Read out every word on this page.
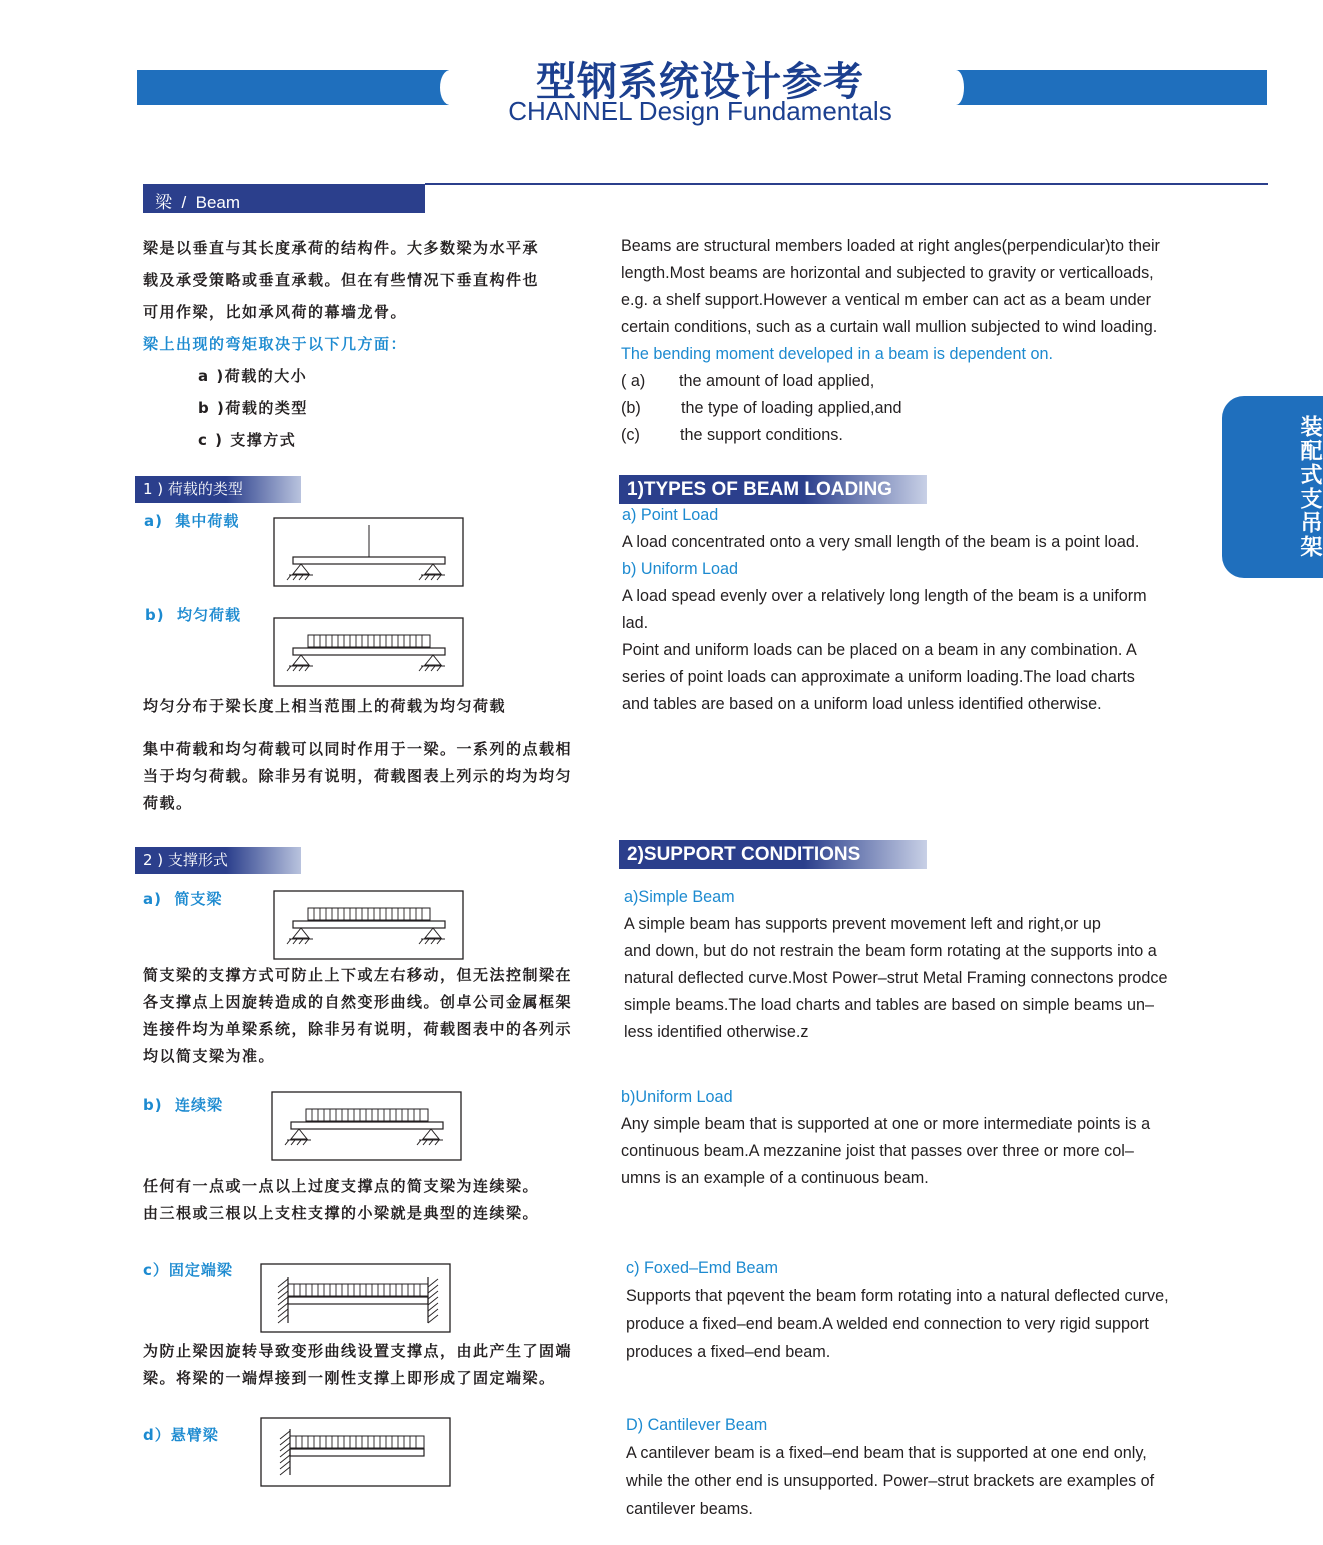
型钢系统设计参考
CHANNEL Design Fundamentals
梁  /  Beam
装配式支吊架
梁是以垂直与其长度承荷的结构件。大多数梁为水平承
载及承受策略或垂直承载。但在有些情况下垂直构件也
可用作梁，比如承风荷的幕墙龙骨。
梁上出现的弯矩取决于以下几方面：
a )荷载的大小
b )荷载的类型
c ) 支撑方式
Beams are structural members loaded at right angles(perpendicular)to their
length.Most beams are horizontal and subjected to gravity or verticalloads,
e.g. a shelf support.However a ventical m ember can act as a beam under
certain conditions, such as a curtain wall mullion subjected to wind loading.
The bending moment developed in a beam is dependent on.
( a) the amount of load applied,
(b) the type of loading applied,and
(c) the support conditions.
1 ) 荷载的类型	1)TYPES OF BEAM LOADING
a)  集中荷载
b)  均匀荷载
均匀分布于梁长度上相当范围上的荷载为均匀荷载
集中荷载和均匀荷载可以同时作用于一梁。一系列的点载相
当于均匀荷载。除非另有说明，荷载图表上列示的均为均匀
荷载。
a) Point Load
A load concentrated onto a very small length of the beam is a point load.
b) Uniform Load
A load spead evenly over a relatively long length of the beam is a uniform
lad.
Point and uniform loads can be placed on a beam in any combination. A
series of point loads can approximate a uniform loading.The load charts
and tables are based on a uniform load unless identified otherwise.
2 ) 支撑形式	2)SUPPORT CONDITIONS
a)  简支梁
简支梁的支撑方式可防止上下或左右移动，但无法控制梁在
各支撑点上因旋转造成的自然变形曲线。创卓公司金属框架
连接件均为单梁系统，除非另有说明，荷载图表中的各列示
均以简支梁为准。
b)  连续梁
任何有一点或一点以上过度支撑点的简支梁为连续梁。
由三根或三根以上支柱支撑的小梁就是典型的连续梁。
c）固定端梁
为防止梁因旋转导致变形曲线设置支撑点，由此产生了固端
梁。将梁的一端焊接到一刚性支撑上即形成了固定端梁。
d）悬臂梁
a)Simple Beam
A simple beam has supports prevent movement left and right,or up
and down, but do not restrain the beam form rotating at the supports into a
natural deflected curve.Most Power–strut Metal Framing connectons prodce
simple beams.The load charts and tables are based on simple beams un–
less identified otherwise.z
b)Uniform Load
Any simple beam that is supported at one or more intermediate points is a
continuous beam.A mezzanine joist that passes over three or more col–
umns is an example of a continuous beam.
c) Foxed–Emd Beam
Supports that pqevent the beam form rotating into a natural deflected curve,
produce a fixed–end beam.A welded end connection to very rigid support
produces a fixed–end beam.
D) Cantilever Beam
A cantilever beam is a fixed–end beam that is supported at one end only,
while the other end is unsupported. Power–strut brackets are examples of
cantilever beams.
